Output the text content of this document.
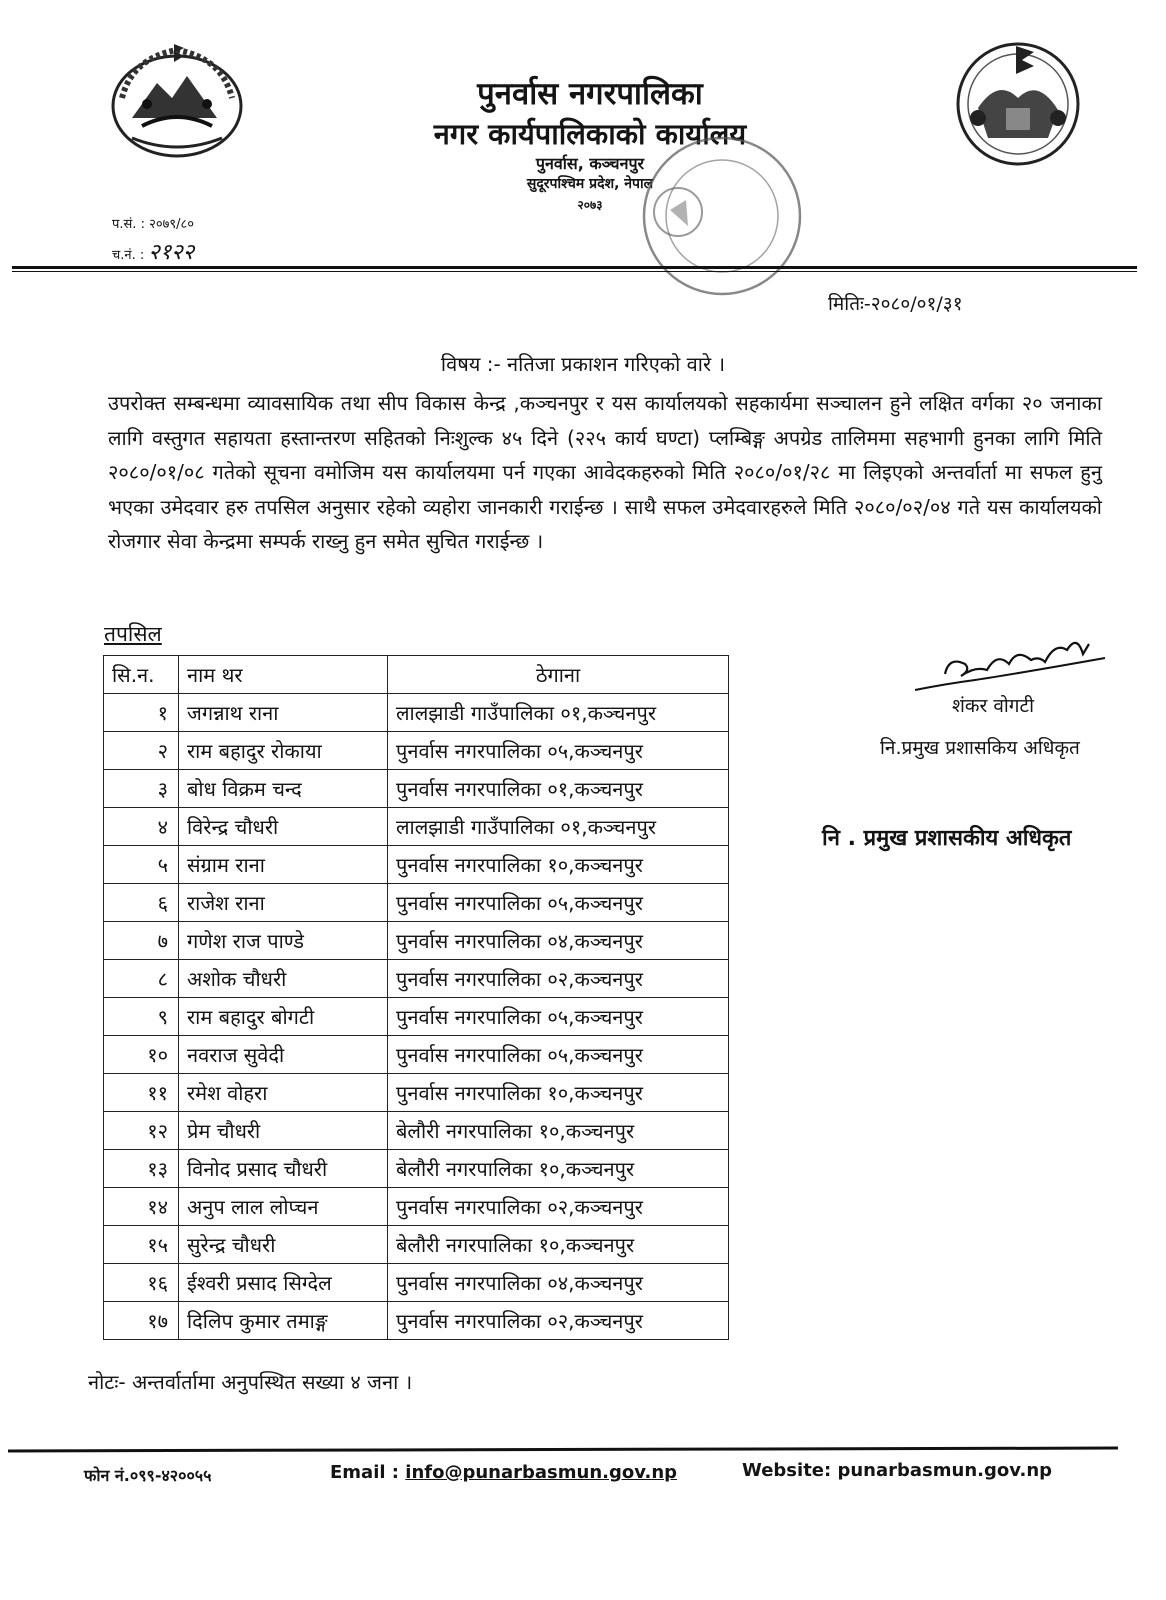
पुनर्वास नगरपालिका
नगर कार्यपालिकाको कार्यालय
पुनर्वास, कञ्चनपुर
सुदूरपश्चिम प्रदेश, नेपाल
२०७३
प.सं. : २०७९/८०
च.नं. : २१२२
मितिः-२०८०/०१/३१
विषय :- नतिजा प्रकाशन गरिएको वारे ।
उपरोक्त सम्बन्धमा व्यावसायिक तथा सीप विकास केन्द्र ,कञ्चनपुर र यस कार्यालयको सहकार्यमा सञ्चालन हुने लक्षित वर्गका २० जनाका लागि वस्तुगत सहायता हस्तान्तरण सहितको निःशुल्क ४५ दिने (२२५ कार्य घण्टा) प्लम्बिङ्ग अपग्रेड तालिममा सहभागी हुनका लागि मिति २०८०/०१/०८ गतेको सूचना वमोजिम यस कार्यालयमा पर्न गएका आवेदकहरुको मिति २०८०/०१/२८ मा लिइएको अन्तर्वार्ता मा सफल हुनु भएका उमेदवार हरु तपसिल अनुसार रहेको व्यहोरा जानकारी गराईन्छ । साथै सफल उमेदवारहरुले मिति २०८०/०२/०४ गते यस कार्यालयको रोजगार सेवा केन्द्रमा सम्पर्क राख्नु हुन समेत सुचित गराईन्छ ।
तपसिल
सि.न.	नाम थर	ठेगाना
१	जगन्नाथ राना	लालझाडी गाउँपालिका ०१,कञ्चनपुर
२	राम बहादुर रोकाया	पुनर्वास नगरपालिका ०५,कञ्चनपुर
३	बोध विक्रम चन्द	पुनर्वास नगरपालिका ०१,कञ्चनपुर
४	विरेन्द्र चौधरी	लालझाडी गाउँपालिका ०१,कञ्चनपुर
५	संग्राम राना	पुनर्वास नगरपालिका १०,कञ्चनपुर
६	राजेश राना	पुनर्वास नगरपालिका ०५,कञ्चनपुर
७	गणेश राज पाण्डे	पुनर्वास नगरपालिका ०४,कञ्चनपुर
८	अशोक चौधरी	पुनर्वास नगरपालिका ०२,कञ्चनपुर
९	राम बहादुर बोगटी	पुनर्वास नगरपालिका ०५,कञ्चनपुर
१०	नवराज सुवेदी	पुनर्वास नगरपालिका ०५,कञ्चनपुर
११	रमेश वोहरा	पुनर्वास नगरपालिका १०,कञ्चनपुर
१२	प्रेम चौधरी	बेलौरी नगरपालिका १०,कञ्चनपुर
१३	विनोद प्रसाद चौधरी	बेलौरी नगरपालिका १०,कञ्चनपुर
१४	अनुप लाल लोप्चन	पुनर्वास नगरपालिका ०२,कञ्चनपुर
१५	सुरेन्द्र चौधरी	बेलौरी नगरपालिका १०,कञ्चनपुर
१६	ईश्वरी प्रसाद सिग्देल	पुनर्वास नगरपालिका ०४,कञ्चनपुर
१७	दिलिप कुमार तमाङ्ग	पुनर्वास नगरपालिका ०२,कञ्चनपुर
नोटः- अन्तर्वार्तामा अनुपस्थित सख्या ४ जना ।
शंकर वोगटी
नि.प्रमुख प्रशासकिय अधिकृत
नि . प्रमुख प्रशासकीय अधिकृत
फोन नं.०९९-४२००५५	Email : info@punarbasmun.gov.np	Website: punarbasmun.gov.np
